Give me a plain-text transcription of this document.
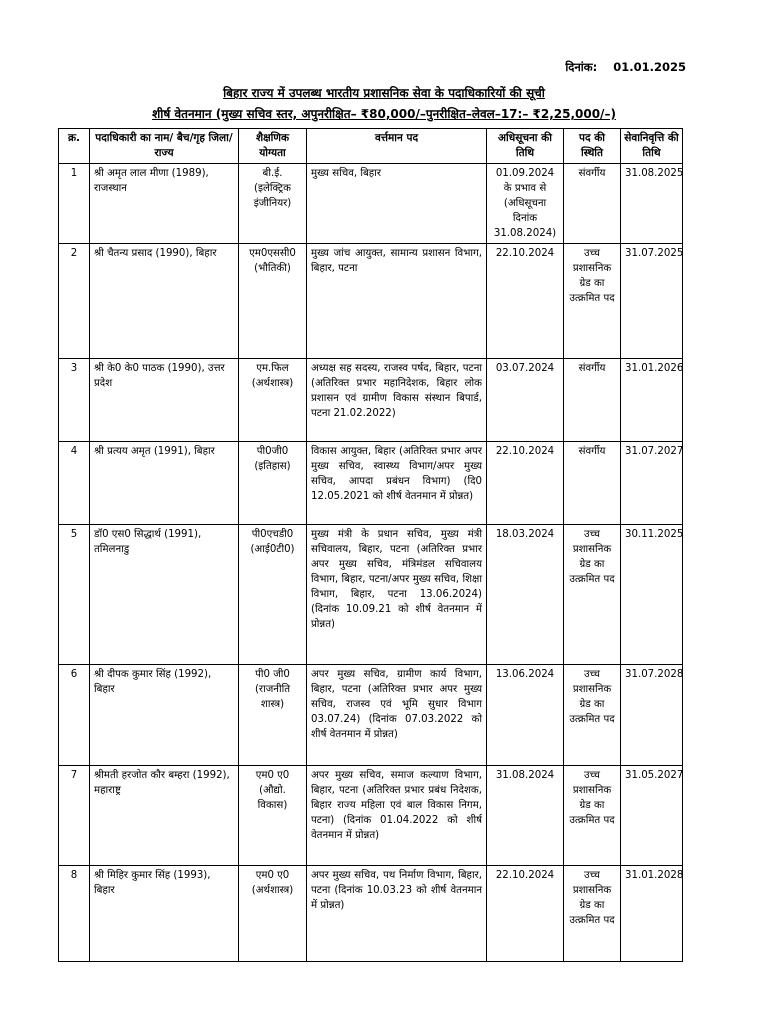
दिनांक: 01.01.2025
बिहार राज्य में उपलब्ध भारतीय प्रशासनिक सेवा के पदाधिकारियों की सूची
शीर्ष वेतनमान (मुख्य सचिव स्तर, अपुनरीक्षित– ₹80,000/–पुनरीक्षित–लेवल–17:– ₹2,25,000/–)
क्र.	पदाधिकारी का नाम/ बैच/गृह जिला/राज्य	शैक्षणिक योग्यता	वर्त्तमान पद	अधिसूचना की तिथि	पद की स्थिति	सेवानिवृत्ति की तिथि
1	श्री अमृत लाल मीणा (1989), राजस्थान	बी.ई. (इलेक्ट्रिक इंजीनियर)	मुख्य सचिव, बिहार	01.09.2024 के प्रभाव से (अधिसूचना दिनांक 31.08.2024)	संवर्गीय	31.08.2025
2	श्री चैतन्य प्रसाद (1990), बिहार	एम0एससी0 (भौतिकी)	मुख्य जांच आयुक्त, सामान्य प्रशासन विभाग, बिहार, पटना	22.10.2024	उच्च प्रशासनिक ग्रेड का उत्क्रमित पद	31.07.2025
3	श्री के0 के0 पाठक (1990), उत्तर प्रदेश	एम.फिल (अर्थशास्त्र)	अध्यक्ष सह सदस्य, राजस्व पर्षद, बिहार, पटना (अतिरिक्त प्रभार महानिदेशक, बिहार लोक प्रशासन एवं ग्रामीण विकास संस्थान बिपार्ड, पटना 21.02.2022)	03.07.2024	संवर्गीय	31.01.2026
4	श्री प्रत्यय अमृत (1991), बिहार	पी0जी0 (इतिहास)	विकास आयुक्त, बिहार (अतिरिक्त प्रभार अपर मुख्य सचिव, स्वास्थ्य विभाग/अपर मुख्य सचिव, आपदा प्रबंधन विभाग) (दि0 12.05.2021 को शीर्ष वेतनमान में प्रोन्नत)	22.10.2024	संवर्गीय	31.07.2027
5	डॉ0 एस0 सिद्धार्थ (1991), तमिलनाडु	पी0एचडी0 (आई0टी0)	मुख्य मंत्री के प्रधान सचिव, मुख्य मंत्री सचिवालय, बिहार, पटना (अतिरिक्त प्रभार अपर मुख्य सचिव, मंत्रिमंडल सचिवालय विभाग, बिहार, पटना/अपर मुख्य सचिव, शिक्षा विभाग, बिहार, पटना 13.06.2024) (दिनांक 10.09.21 को शीर्ष वेतनमान में प्रोन्नत)	18.03.2024	उच्च प्रशासनिक ग्रेड का उत्क्रमित पद	30.11.2025
6	श्री दीपक कुमार सिंह (1992), बिहार	पी0 जी0 (राजनीति शास्त्र)	अपर मुख्य सचिव, ग्रामीण कार्य विभाग, बिहार, पटना (अतिरिक्त प्रभार अपर मुख्य सचिव, राजस्व एवं भूमि सुधार विभाग 03.07.24) (दिनांक 07.03.2022 को शीर्ष वेतनमान में प्रोन्नत)	13.06.2024	उच्च प्रशासनिक ग्रेड का उत्क्रमित पद	31.07.2028
7	श्रीमती हरजोत कौर बम्हरा (1992), महाराष्ट्र	एम0 ए0 (औद्यो. विकास)	अपर मुख्य सचिव, समाज कल्याण विभाग, बिहार, पटना (अतिरिक्त प्रभार प्रबंध निदेशक, बिहार राज्य महिला एवं बाल विकास निगम, पटना) (दिनांक 01.04.2022 को शीर्ष वेतनमान में प्रोन्नत)	31.08.2024	उच्च प्रशासनिक ग्रेड का उत्क्रमित पद	31.05.2027
8	श्री मिहिर कुमार सिंह (1993), बिहार	एम0 ए0 (अर्थशास्त्र)	अपर मुख्य सचिव, पथ निर्माण विभाग, बिहार, पटना (दिनांक 10.03.23 को शीर्ष वेतनमान में प्रोन्नत)	22.10.2024	उच्च प्रशासनिक ग्रेड का उत्क्रमित पद	31.01.2028
